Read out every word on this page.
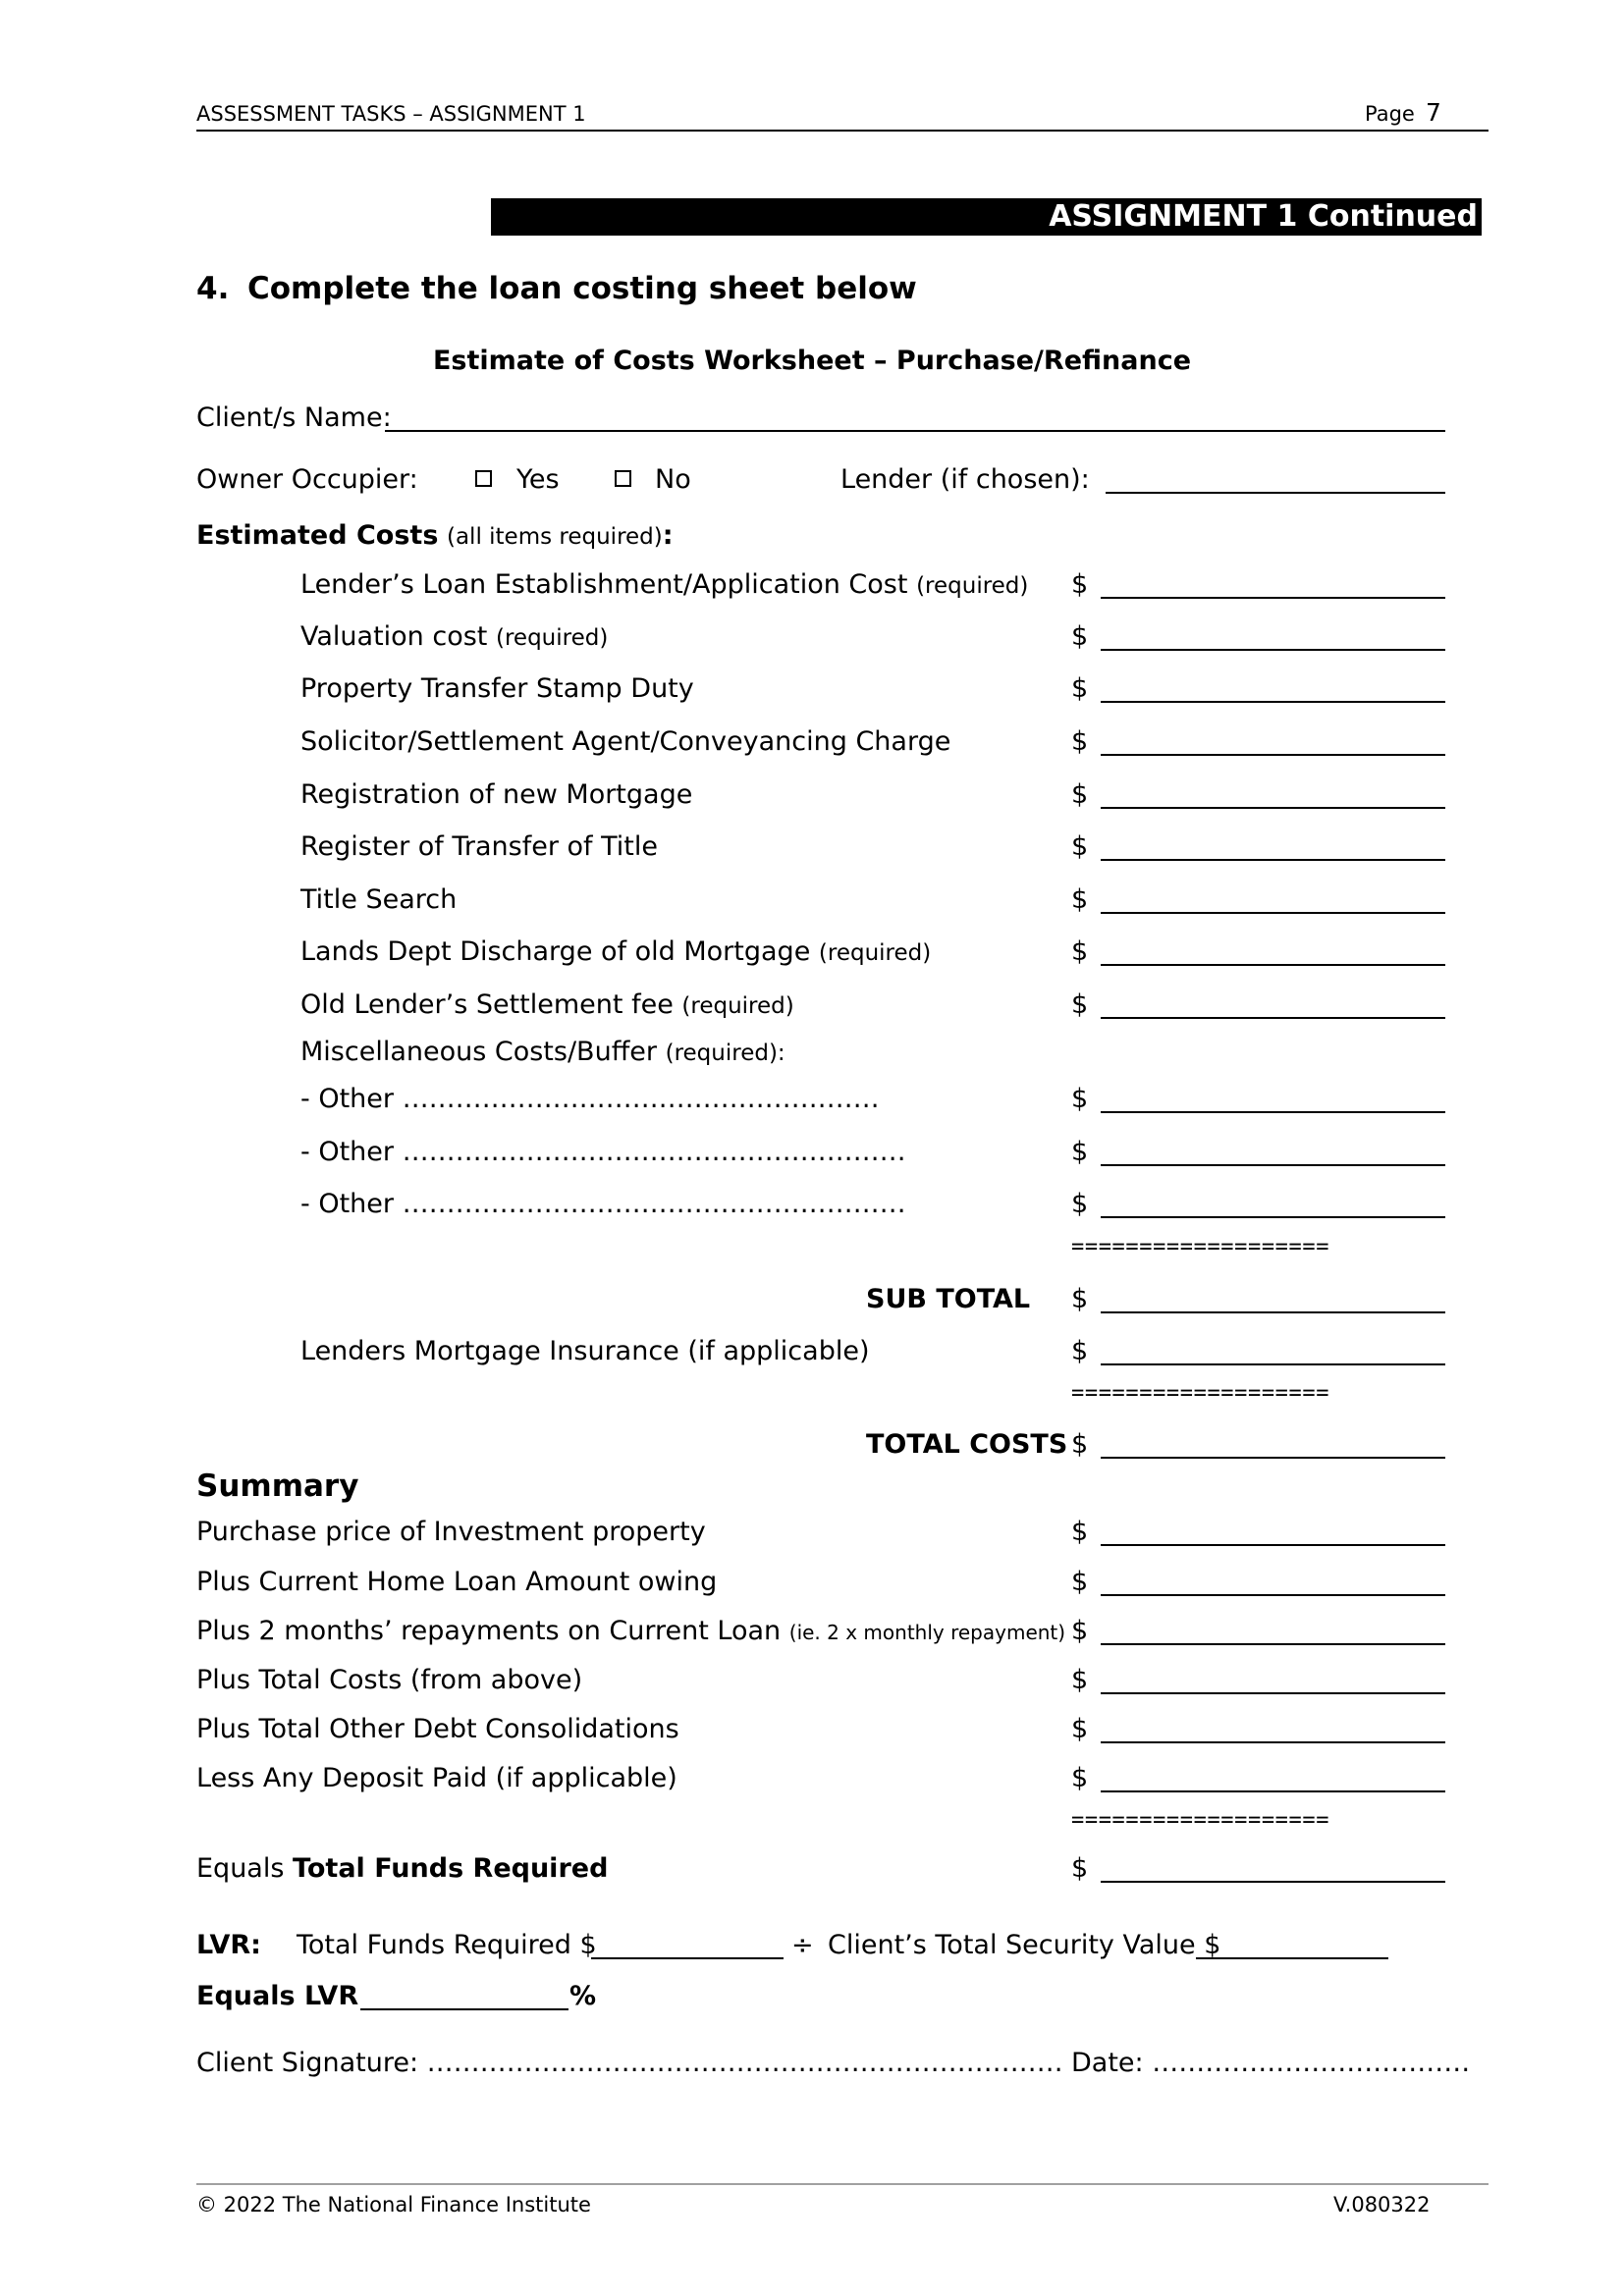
ASSESSMENT TASKS – ASSIGNMENT 1	Page 7
ASSIGNMENT 1 Continued
4. Complete the loan costing sheet below
Estimate of Costs Worksheet – Purchase/Refinance
Client/s Name:
Owner Occupier:	Yes	No	Lender (if chosen):
Estimated Costs (all items required):
Lender’s Loan Establishment/Application Cost (required) $
Valuation cost (required)	$
Property Transfer Stamp Duty	$
Solicitor/Settlement Agent/Conveyancing Charge	$
Registration of new Mortgage	$
Register of Transfer of Title	$
Title Search	$
Lands Dept Discharge of old Mortgage (required)	$
Old Lender’s Settlement fee (required)	$
Miscellaneous Costs/Buffer (required):
- Other ………………………………………………	$
- Other …………………………………………………	$
- Other …………………………………………………	$
===================
SUB TOTAL $
Lenders Mortgage Insurance (if applicable)	$
===================
TOTAL COSTS $
Summary
Purchase price of Investment property	$
Plus Current Home Loan Amount owing	$
Plus 2 months’ repayments on Current Loan (ie. 2 x monthly repayment) $
Plus Total Costs (from above)	$
Plus Total Other Debt Consolidations	$
Less Any Deposit Paid (if applicable)	$
===================
Equals Total Funds Required	$
LVR: Total Funds Required $	÷ Client’s Total Security Value $
Equals LVR	%
Client Signature: ……………………………………………………………… Date: ………………………………
© 2022 The National Finance Institute	V.080322
